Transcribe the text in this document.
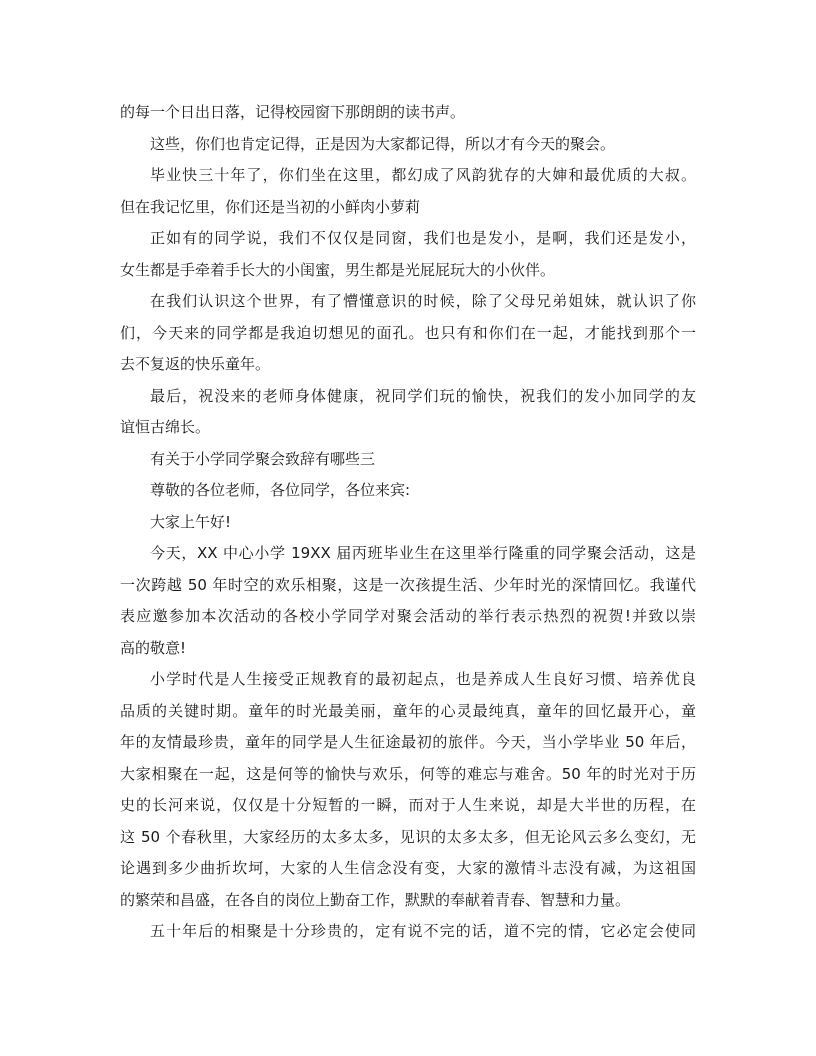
的每一个日出日落，记得校园窗下那朗朗的读书声。
这些，你们也肯定记得，正是因为大家都记得，所以才有今天的聚会。
毕业快三十年了，你们坐在这里，都幻成了风韵犹存的大婶和最优质的大叔。
但在我记忆里，你们还是当初的小鲜肉小萝莉
正如有的同学说，我们不仅仅是同窗，我们也是发小，是啊，我们还是发小，
女生都是手牵着手长大的小闺蜜，男生都是光屁屁玩大的小伙伴。
在我们认识这个世界，有了懵懂意识的时候，除了父母兄弟姐妹，就认识了你
们，今天来的同学都是我迫切想见的面孔。也只有和你们在一起，才能找到那个一
去不复返的快乐童年。
最后，祝没来的老师身体健康，祝同学们玩的愉快，祝我们的发小加同学的友
谊恒古绵长。
有关于小学同学聚会致辞有哪些三
尊敬的各位老师，各位同学，各位来宾:
大家上午好!
今天，XX 中心小学 19XX 届丙班毕业生在这里举行隆重的同学聚会活动，这是
一次跨越 50 年时空的欢乐相聚，这是一次孩提生活、少年时光的深情回忆。我谨代
表应邀参加本次活动的各校小学同学对聚会活动的举行表示热烈的祝贺!并致以崇
高的敬意!
小学时代是人生接受正规教育的最初起点，也是养成人生良好习惯、培养优良
品质的关键时期。童年的时光最美丽，童年的心灵最纯真，童年的回忆最开心，童
年的友情最珍贵，童年的同学是人生征途最初的旅伴。今天，当小学毕业 50 年后，
大家相聚在一起，这是何等的愉快与欢乐，何等的难忘与难舍。50 年的时光对于历
史的长河来说，仅仅是十分短暂的一瞬，而对于人生来说，却是大半世的历程，在
这 50 个春秋里，大家经历的太多太多，见识的太多太多，但无论风云多么变幻，无
论遇到多少曲折坎坷，大家的人生信念没有变，大家的激情斗志没有减，为这祖国
的繁荣和昌盛，在各自的岗位上勤奋工作，默默的奉献着青春、智慧和力量。
五十年后的相聚是十分珍贵的，定有说不完的话，道不完的情，它必定会使同
